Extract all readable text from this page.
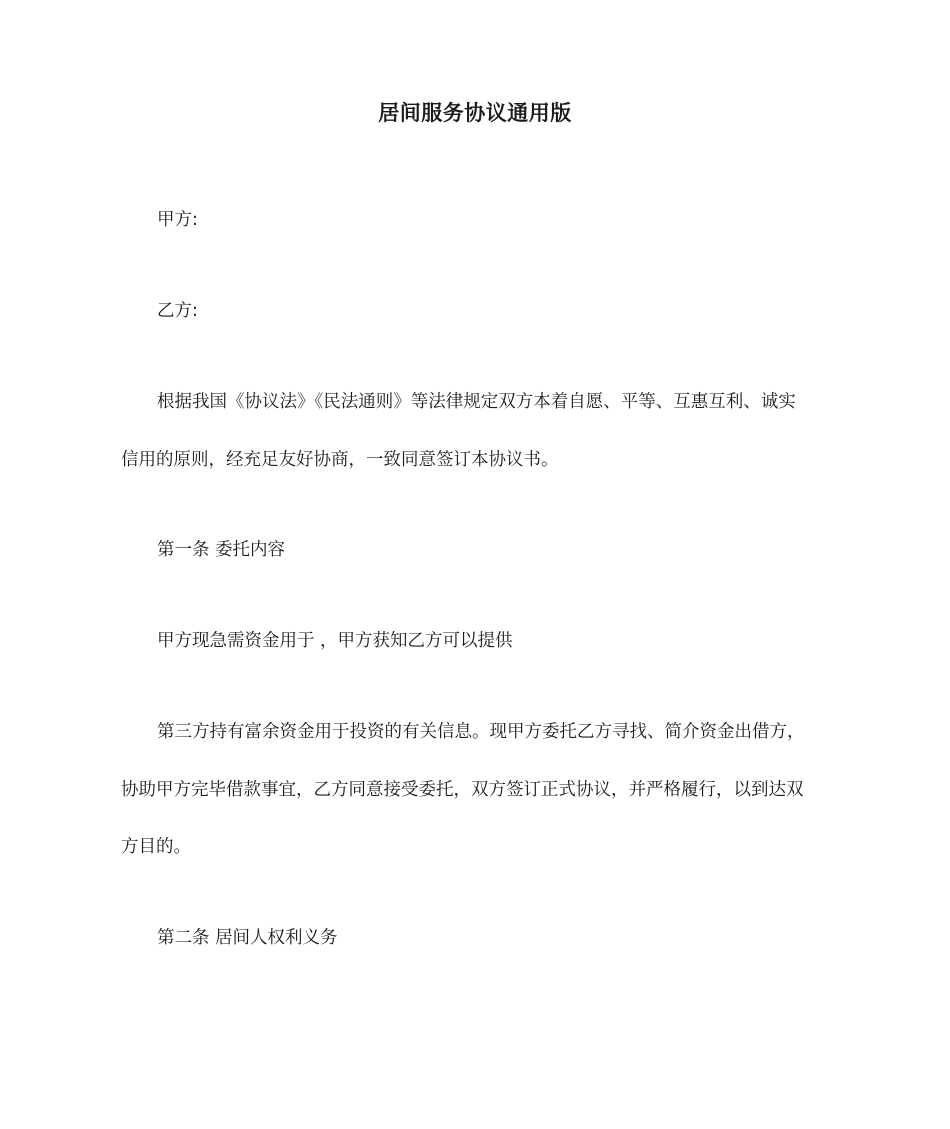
居间服务协议通用版

甲方:

乙方:

根据我国《协议法》《民法通则》等法律规定双方本着自愿、平等、互惠互利、诚实

信用的原则，经充足友好协商，一致同意签订本协议书。

第一条 委托内容

甲方现急需资金用于 ，甲方获知乙方可以提供

第三方持有富余资金用于投资的有关信息。现甲方委托乙方寻找、简介资金出借方，

协助甲方完毕借款事宜，乙方同意接受委托，双方签订正式协议，并严格履行，以到达双

方目的。

第二条 居间人权利义务
